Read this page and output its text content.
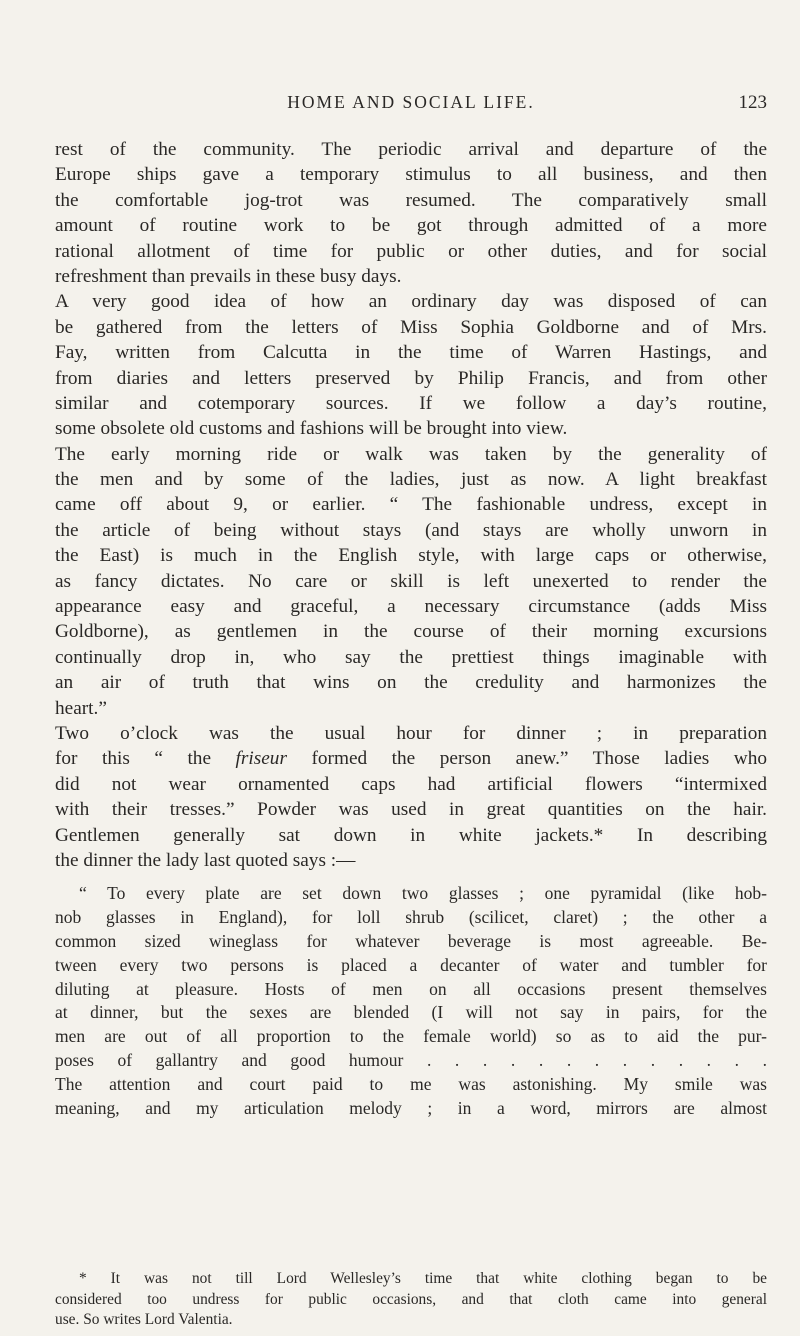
HOME AND SOCIAL LIFE.	123
rest of the community. The periodic arrival and departure of the
Europe ships gave a temporary stimulus to all business, and then
the comfortable jog-trot was resumed. The comparatively small
amount of routine work to be got through admitted of a more
rational allotment of time for public or other duties, and for social
refreshment than prevails in these busy days.
A very good idea of how an ordinary day was disposed of can
be gathered from the letters of Miss Sophia Goldborne and of Mrs.
Fay, written from Calcutta in the time of Warren Hastings, and
from diaries and letters preserved by Philip Francis, and from other
similar and cotemporary sources. If we follow a day’s routine,
some obsolete old customs and fashions will be brought into view.
The early morning ride or walk was taken by the generality of
the men and by some of the ladies, just as now. A light breakfast
came off about 9, or earlier. “ The fashionable undress, except in
the article of being without stays (and stays are wholly unworn in
the East) is much in the English style, with large caps or otherwise,
as fancy dictates. No care or skill is left unexerted to render the
appearance easy and graceful, a necessary circumstance (adds Miss
Goldborne), as gentlemen in the course of their morning excursions
continually drop in, who say the prettiest things imaginable with
an air of truth that wins on the credulity and harmonizes the
heart.”
Two o’clock was the usual hour for dinner ; in preparation
for this “ the friseur formed the person anew.” Those ladies who
did not wear ornamented caps had artificial flowers “intermixed
with their tresses.” Powder was used in great quantities on the hair.
Gentlemen generally sat down in white jackets.* In describing
the dinner the lady last quoted says :—
“ To every plate are set down two glasses ; one pyramidal (like hob-
nob glasses in England), for loll shrub (scilicet, claret) ; the other a
common sized wineglass for whatever beverage is most agreeable. Be-
tween every two persons is placed a decanter of water and tumbler for
diluting at pleasure. Hosts of men on all occasions present themselves
at dinner, but the sexes are blended (I will not say in pairs, for the
men are out of all proportion to the female world) so as to aid the pur-
poses of gallantry and good humour . . . . . . . . . . . . .
The attention and court paid to me was astonishing. My smile was
meaning, and my articulation melody ; in a word, mirrors are almost
* It was not till Lord Wellesley’s time that white clothing began to be
considered too undress for public occasions, and that cloth came into general
use. So writes Lord Valentia.
